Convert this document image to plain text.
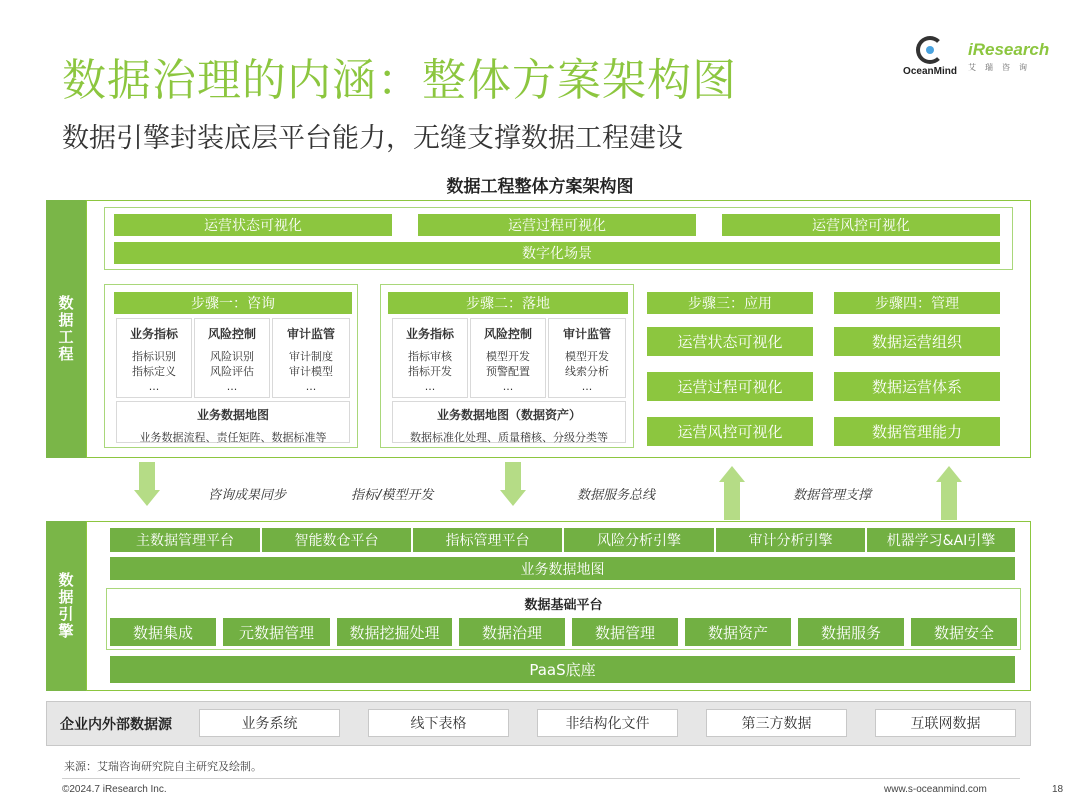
数据治理的内涵：整体方案架构图
数据引擎封装底层平台能力，无缝支撑数据工程建设
OceanMind
iResearch
艾瑞咨询
数据工程整体方案架构图
数据工程
运营状态可视化	运营过程可视化	运营风控可视化
数字化场景
步骤一：咨询
业务指标
指标识别
指标定义
...
风险控制
风险识别
风险评估
...
审计监管
审计制度
审计模型
...
业务数据地图
业务数据流程、责任矩阵、数据标准等
步骤二：落地
业务指标
指标审核
指标开发
...
风险控制
模型开发
预警配置
...
审计监管
模型开发
线索分析
...
业务数据地图（数据资产）
数据标准化处理、质量稽核、分级分类等
步骤三：应用
运营状态可视化
运营过程可视化
运营风控可视化
步骤四：管理
数据运营组织
数据运营体系
数据管理能力
咨询成果同步	指标/模型开发	数据服务总线	数据管理支撑
数据引擎
主数据管理平台	智能数仓平台	指标管理平台	风险分析引擎	审计分析引擎	机器学习&AI引擎
业务数据地图
数据基础平台
数据集成	元数据管理	数据挖掘处理	数据治理	数据管理	数据资产	数据服务	数据安全
PaaS底座
企业内外部数据源	业务系统	线下表格	非结构化文件	第三方数据	互联网数据
来源：艾瑞咨询研究院自主研究及绘制。
©2024.7 iResearch Inc.	www.s-oceanmind.com	18
